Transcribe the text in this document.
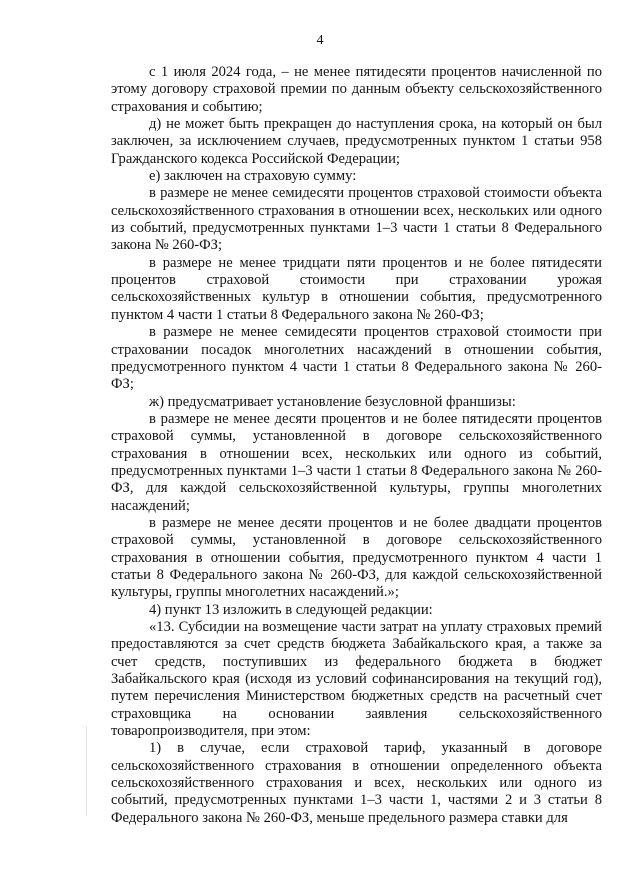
4

с 1 июля 2024 года, – не менее пятидесяти процентов начисленной по этому договору страховой премии по данным объекту сельскохозяйственного страхования и событию;

д) не может быть прекращен до наступления срока, на который он был заключен, за исключением случаев, предусмотренных пунктом 1 статьи 958 Гражданского кодекса Российской Федерации;

е) заключен на страховую сумму:

в размере не менее семидесяти процентов страховой стоимости объекта сельскохозяйственного страхования в отношении всех, нескольких или одного из событий, предусмотренных пунктами 1–3 части 1 статьи 8 Федерального закона № 260-ФЗ;

в размере не менее тридцати пяти процентов и не более пятидесяти процентов страховой стоимости при страховании урожая сельскохозяйственных культур в отношении события, предусмотренного пунктом 4 части 1 статьи 8 Федерального закона № 260-ФЗ;

в размере не менее семидесяти процентов страховой стоимости при страховании посадок многолетних насаждений в отношении события, предусмотренного пунктом 4 части 1 статьи 8 Федерального закона № 260-ФЗ;

ж) предусматривает установление безусловной франшизы:

в размере не менее десяти процентов и не более пятидесяти процентов страховой суммы, установленной в договоре сельскохозяйственного страхования в отношении всех, нескольких или одного из событий, предусмотренных пунктами 1–3 части 1 статьи 8 Федерального закона № 260-ФЗ, для каждой сельскохозяйственной культуры, группы многолетних насаждений;

в размере не менее десяти процентов и не более двадцати процентов страховой суммы, установленной в договоре сельскохозяйственного страхования в отношении события, предусмотренного пунктом 4 части 1 статьи 8 Федерального закона № 260-ФЗ, для каждой сельскохозяйственной культуры, группы многолетних насаждений.»;

4) пункт 13 изложить в следующей редакции:

«13. Субсидии на возмещение части затрат на уплату страховых премий предоставляются за счет средств бюджета Забайкальского края, а также за счет средств, поступивших из федерального бюджета в бюджет Забайкальского края (исходя из условий софинансирования на текущий год), путем перечисления Министерством бюджетных средств на расчетный счет страховщика на основании заявления сельскохозяйственного товаропроизводителя, при этом:

1) в случае, если страховой тариф, указанный в договоре сельскохозяйственного страхования в отношении определенного объекта сельскохозяйственного страхования и всех, нескольких или одного из событий, предусмотренных пунктами 1–3 части 1, частями 2 и 3 статьи 8 Федерального закона № 260-ФЗ, меньше предельного размера ставки для
